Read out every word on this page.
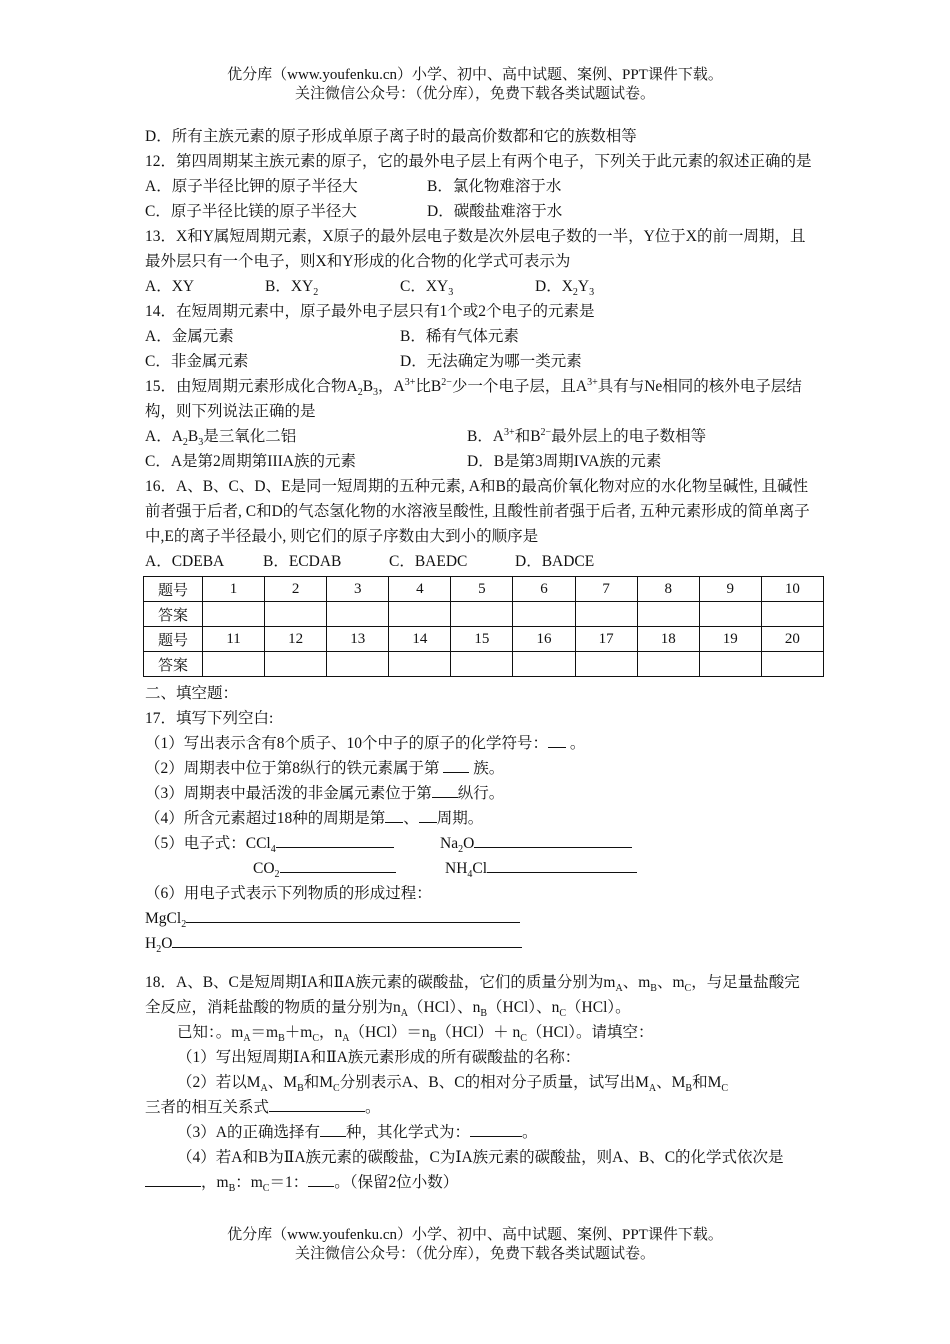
优分库（www.youfenku.cn）小学、初中、高中试题、案例、PPT课件下载。
关注微信公众号：（优分库），免费下载各类试题试卷。
D．所有主族元素的原子形成单原子离子时的最高价数都和它的族数相等
12．第四周期某主族元素的原子，它的最外电子层上有两个电子，下列关于此元素的叙述正确的是
A．原子半径比钾的原子半径大	B．氯化物难溶于水
C．原子半径比镁的原子半径大	D．碳酸盐难溶于水
13．X和Y属短周期元素，X原子的最外层电子数是次外层电子数的一半，Y位于X的前一周期，且最外层只有一个电子，则X和Y形成的化合物的化学式可表示为
A．XY	B．$XY_2$	C．$XY_3$	D．$X_2Y_3$
14．在短周期元素中，原子最外电子层只有1个或2个电子的元素是
A．金属元素	B．稀有气体元素
C．非金属元素	D．无法确定为哪一类元素
15．由短周期元素形成化合物$A_2B_3$，$A^{3+}$比$B^{2-}$少一个电子层，且$A^{3+}$具有与Ne相同的核外电子层结构，则下列说法正确的是
A．$A_2B_3$是三氧化二铝	B．$A^{3+}$和$B^{2-}$最外层上的电子数相等
C．A是第2周期第IIIA族的元素	D．B是第3周期IVA族的元素
16．A、B、C、D、E是同一短周期的五种元素, A和B的最高价氧化物对应的水化物呈碱性, 且碱性前者强于后者, C和D的气态氢化物的水溶液呈酸性, 且酸性前者强于后者, 五种元素形成的简单离子中,E的离子半径最小, 则它们的原子序数由大到小的顺序是
A．CDEBA	B．ECDAB	C．BAEDC	D．BADCE
题号	1	2	3	4	5	6	7	8	9	10
答案										
题号	11	12	13	14	15	16	17	18	19	20
答案										
二、填空题：
17．填写下列空白:
（1）写出表示含有8个质子、10个中子的原子的化学符号： 。
（2）周期表中位于第8纵行的铁元素属于第 族。
（3）周期表中最活泼的非金属元素位于第 纵行。
（4）所含元素超过18种的周期是第 、 周期。
（5）电子式：CCl$_4$	$Na_2O$
$CO_2$	$NH_4Cl$
（6）用电子式表示下列物质的形成过程：
MgCl$_2$
$H_2O$
18．A、B、C是短周期ⅠA和ⅡA族元素的碳酸盐，它们的质量分别为$m_A$、$m_B$、$m_C$，与足量盐酸完全反应，消耗盐酸的物质的量分别为$n_A(HCl)$、$n_B(HCl)$、$n_C(HCl)$。
已知：。$m_A=m_B+m_C$，$n_A(HCl)=n_B(HCl)+ n_C(HCl)$。请填空：
（1）写出短周期ⅠA和ⅡA族元素形成的所有碳酸盐的名称：
（2）若以$M_A$、$M_B$和$M_C$分别表示A、B、C的相对分子质量，试写出$M_A$、$M_B$和$M_C$
三者的相互关系式	。
（3）A的正确选择有 种，其化学式为：	。
（4）若A和B为ⅡA族元素的碳酸盐，C为ⅠA族元素的碳酸盐，则A、B、C的化学式依次是，$m_B$：$m_C=1$： 。（保留2位小数）
优分库（www.youfenku.cn）小学、初中、高中试题、案例、PPT课件下载。
关注微信公众号：（优分库），免费下载各类试题试卷。
